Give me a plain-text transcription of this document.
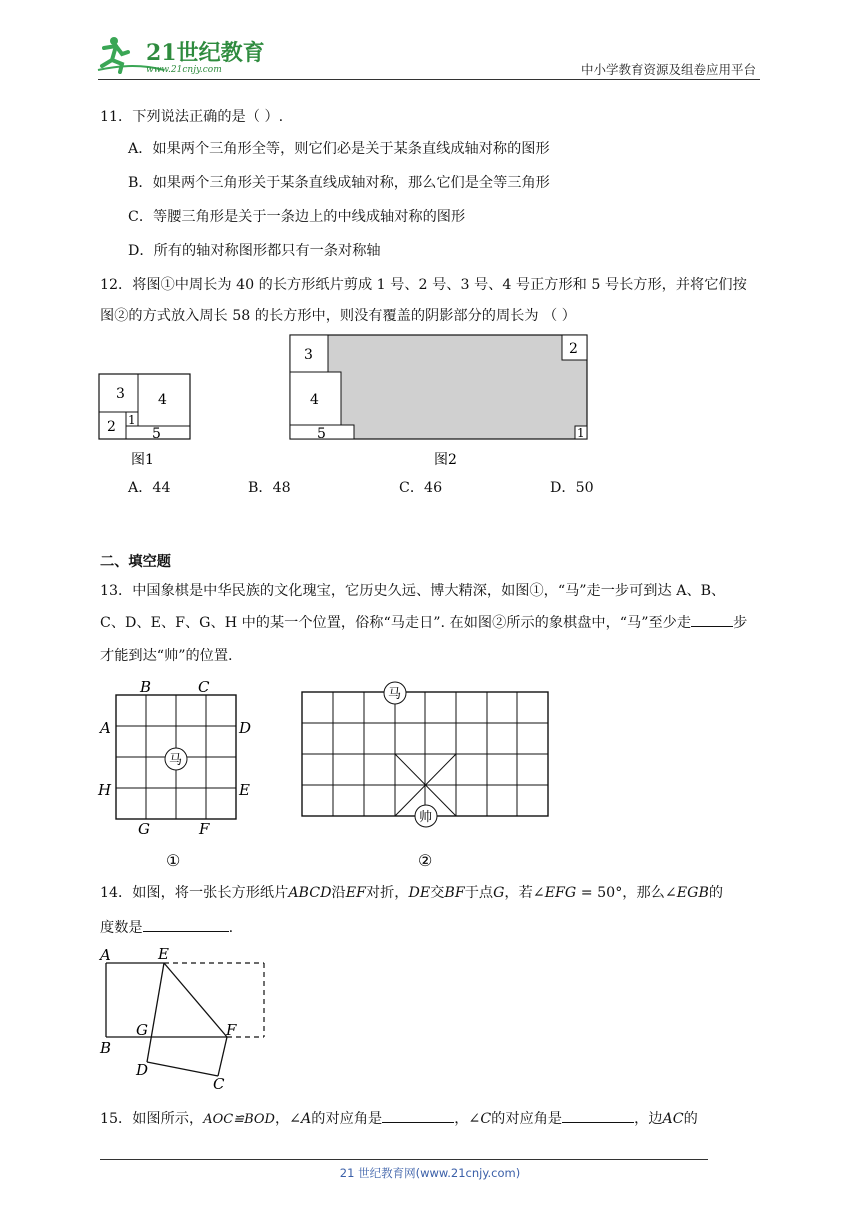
21世纪教育
www.21cnjy.com	中小学教育资源及组卷应用平台
11．下列说法正确的是（ ）.
A．如果两个三角形全等，则它们必是关于某条直线成轴对称的图形
B．如果两个三角形关于某条直线成轴对称，那么它们是全等三角形
C．等腰三角形是关于一条边上的中线成轴对称的图形
D．所有的轴对称图形都只有一条对称轴
12．将图①中周长为 40 的长方形纸片剪成 1 号、2 号、3 号、4 号正方形和 5 号长方形，并将它们按
图②的方式放入周长 58 的长方形中，则没有覆盖的阴影部分的周长为 （ ）
3 4
2 1
5
图1
3
4
5
2
1
图2
A．44	B．48	C．46	D．50
二、填空题
13．中国象棋是中华民族的文化瑰宝，它历史久远、博大精深，如图①，“马”走一步可到达 A、B、
C、D、E、F、G、H 中的某一个位置，俗称“马走日”. 在如图②所示的象棋盘中，“马”至少走	步
才能到达“帅”的位置.
B	C
A	D
H	E
G	F
马
①
马
帅
②
14．如图，将一张长方形纸片ABCD沿EF对折，DE交BF于点G，若∠EFG = 50°，那么∠EGB的
度数是	.
A	E
G	F
B
D
C
15．如图所示，AOC≌BOD，∠A的对应角是	，∠C的对应角是	，边AC的
21 世纪教育网(www.21cnjy.com)
